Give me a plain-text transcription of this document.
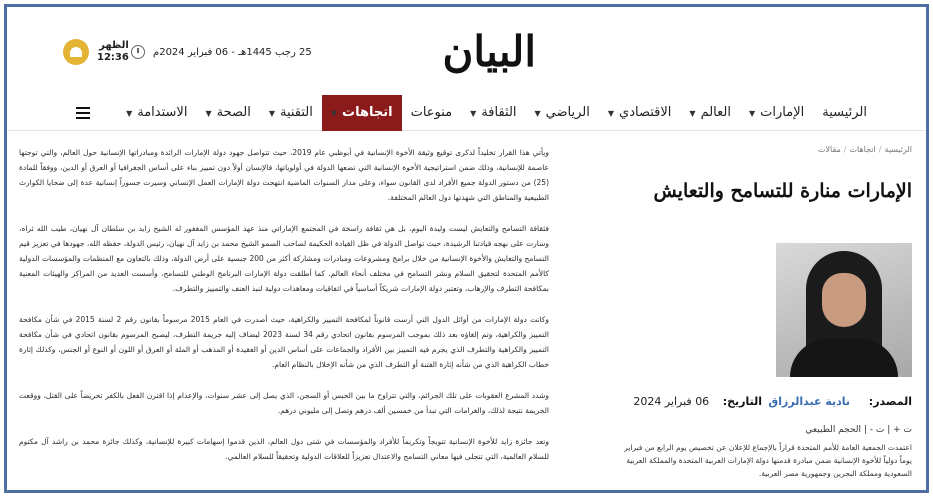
البيان
الظهر
12:36 25 رجب 1445هـ - 06 فبراير 2024م
الرئيسية
الإمارات▼
العالم▼
الاقتصادي▼
الرياضي▼
الثقافة▼
منوعات
اتجاهات▼
التقنية▼
الصحة▼
الاستدامة▼
الرئيسية/اتجاهات/مقالات
الإمارات منارة للتسامح والتعايش
المصدر:
نادية عبدالرزاق
التاريخ: 06 فبراير 2024
ت + | ت - | الحجم الطبيعي
اعتمدت الجمعية العامة للأمم المتحدة قراراً بالإجماع للإعلان عن تخصيص يوم الرابع من فبراير يوماً دولياً للأخوة الإنسانية ضمن مبادرة قدمتها دولة الإمارات العربية المتحدة والمملكة العربية السعودية ومملكة البحرين وجمهورية مصر العربية.

ويأتي هذا القرار تخليداً لذكرى توقيع وثيقة الأخوة الإنسانية في أبوظبي عام 2019، حيث تتواصل جهود دولة الإمارات الرائدة ومبادراتها الإنسانية حول العالم، والتي توجتها عاصمة للإنسانية، وذلك ضمن استراتيجية الأخوة الإنسانية التي تضعها الدولة في أولوياتها، فالإنسان أولاً دون تمييز بناء على أساس الجغرافيا أو العرق أو الدين، ووفقاً للمادة (25) من دستور الدولة جميع الأفراد لدى القانون سواء، وعلى مدار السنوات الماضية انتهجت دولة الإمارات العمل الإنساني وسيرت جسوراً إنسانية عدة إلى ضحايا الكوارث الطبيعية والمناطق التي شهدتها دول العالم المختلفة.

فثقافة التسامح والتعايش ليست وليدة اليوم، بل هي ثقافة راسخة في المجتمع الإماراتي منذ عهد المؤسس المغفور له الشيخ زايد بن سلطان آل نهيان، طيب الله ثراه، وسارت على نهجه قيادتنا الرشيدة، حيث تواصل الدولة في ظل القيادة الحكيمة لصاحب السمو الشيخ محمد بن زايد آل نهيان، رئيس الدولة، حفظه الله، جهودها في تعزيز قيم التسامح والتعايش والأخوة الإنسانية من خلال برامج ومشروعات ومبادرات ومشاركة أكثر من 200 جنسية على أرض الدولة، وذلك بالتعاون مع المنظمات والمؤسسات الدولية كالأمم المتحدة لتحقيق السلام ونشر التسامح في مختلف أنحاء العالم. كما أطلقت دولة الإمارات البرنامج الوطني للتسامح، وأسست العديد من المراكز والهيئات المعنية بمكافحة التطرف والإرهاب، وتعتبر دولة الإمارات شريكاً أساسياً في اتفاقيات ومعاهدات دولية لنبذ العنف والتمييز والتطرف.

وكانت دولة الإمارات من أوائل الدول التي أرست قانوناً لمكافحة التمييز والكراهية، حيث أصدرت في العام 2015 مرسوماً بقانون رقم 2 لسنة 2015 في شأن مكافحة التمييز والكراهية، وتم إلغاؤه بعد ذلك بموجب المرسوم بقانون اتحادي رقم 34 لسنة 2023 ليضاف إليه جريمة التطرف، ليصبح المرسوم بقانون اتحادي في شأن مكافحة التمييز والكراهية والتطرف الذي يجرم فيه التمييز بين الأفراد والجماعات على أساس الدين أو العقيدة أو المذهب أو الملة أو العرق أو اللون أو النوع أو الجنس، وكذلك إثارة خطاب الكراهية الذي من شأنه إثارة الفتنة أو التطرف الذي من شأنه الإخلال بالنظام العام.

وشدد المشرع العقوبات على تلك الجرائم، والتي تتراوح ما بين الحبس أو السجن، الذي يصل إلى عشر سنوات، والإعدام إذا اقترن الفعل بالكفر تحريضاً على القتل، ووقعت الجريمة نتيجة لذلك، والغرامات التي تبدأ من خمسين ألف درهم وتصل إلى مليوني درهم.

وتعد جائزة زايد للأخوة الإنسانية تتويجاً وتكريماً للأفراد والمؤسسات في شتى دول العالم، الذين قدموا إسهامات كبيرة للإنسانية، وكذلك جائزة محمد بن راشد آل مكتوم للسلام العالمية، التي تتجلى فيها معاني التسامح والاعتدال تعزيزاً للعلاقات الدولية وتحقيقاً للسلام العالمي.
